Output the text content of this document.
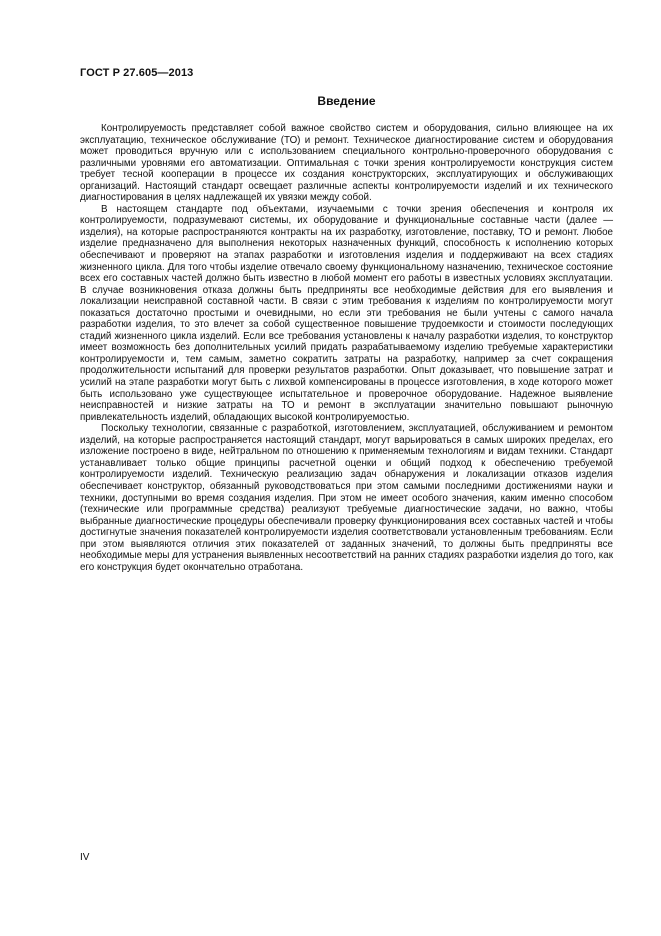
ГОСТ Р 27.605—2013
Введение

Контролируемость представляет собой важное свойство систем и оборудования, сильно влияющее на их эксплуатацию, техническое обслуживание (ТО) и ремонт. Техническое диагностирование систем и оборудования может проводиться вручную или с использованием специального контрольно-проверочного оборудования с различными уровнями его автоматизации. Оптимальная с точки зрения контролируемости конструкция систем требует тесной кооперации в процессе их создания конструкторских, эксплуатирующих и обслуживающих организаций. Настоящий стандарт освещает различные аспекты контролируемости изделий и их технического диагностирования в целях надлежащей их увязки между собой.

В настоящем стандарте под объектами, изучаемыми с точки зрения обеспечения и контроля их контролируемости, подразумевают системы, их оборудование и функциональные составные части (далее — изделия), на которые распространяются контракты на их разработку, изготовление, поставку, ТО и ремонт. Любое изделие предназначено для выполнения некоторых назначенных функций, способность к исполнению которых обеспечивают и проверяют на этапах разработки и изготовления изделия и поддерживают на всех стадиях жизненного цикла. Для того чтобы изделие отвечало своему функциональному назначению, техническое состояние всех его составных частей должно быть известно в любой момент его работы в известных условиях эксплуатации. В случае возникновения отказа должны быть предприняты все необходимые действия для его выявления и локализации неисправной составной части. В связи с этим требования к изделиям по контролируемости могут показаться достаточно простыми и очевидными, но если эти требования не были учтены с самого начала разработки изделия, то это влечет за собой существенное повышение трудоемкости и стоимости последующих стадий жизненного цикла изделий. Если все требования установлены к началу разработки изделия, то конструктор имеет возможность без дополнительных усилий придать разрабатываемому изделию требуемые характеристики контролируемости и, тем самым, заметно сократить затраты на разработку, например за счет сокращения продолжительности испытаний для проверки результатов разработки. Опыт доказывает, что повышение затрат и усилий на этапе разработки могут быть с лихвой компенсированы в процессе изготовления, в ходе которого может быть использовано уже существующее испытательное и проверочное оборудование. Надежное выявление неисправностей и низкие затраты на ТО и ремонт в эксплуатации значительно повышают рыночную привлекательность изделий, обладающих высокой контролируемостью.

Поскольку технологии, связанные с разработкой, изготовлением, эксплуатацией, обслуживанием и ремонтом изделий, на которые распространяется настоящий стандарт, могут варьироваться в самых широких пределах, его изложение построено в виде, нейтральном по отношению к применяемым технологиям и видам техники. Стандарт устанавливает только общие принципы расчетной оценки и общий подход к обеспечению требуемой контролируемости изделий. Техническую реализацию задач обнаружения и локализации отказов изделия обеспечивает конструктор, обязанный руководствоваться при этом самыми последними достижениями науки и техники, доступными во время создания изделия. При этом не имеет особого значения, каким именно способом (технические или программные средства) реализуют требуемые диагностические задачи, но важно, чтобы выбранные диагностические процедуры обеспечивали проверку функционирования всех составных частей и чтобы достигнутые значения показателей контролируемости изделия соответствовали установленным требованиям. Если при этом выявляются отличия этих показателей от заданных значений, то должны быть предприняты все необходимые меры для устранения выявленных несоответствий на ранних стадиях разработки изделия до того, как его конструкция будет окончательно отработана.

IV
